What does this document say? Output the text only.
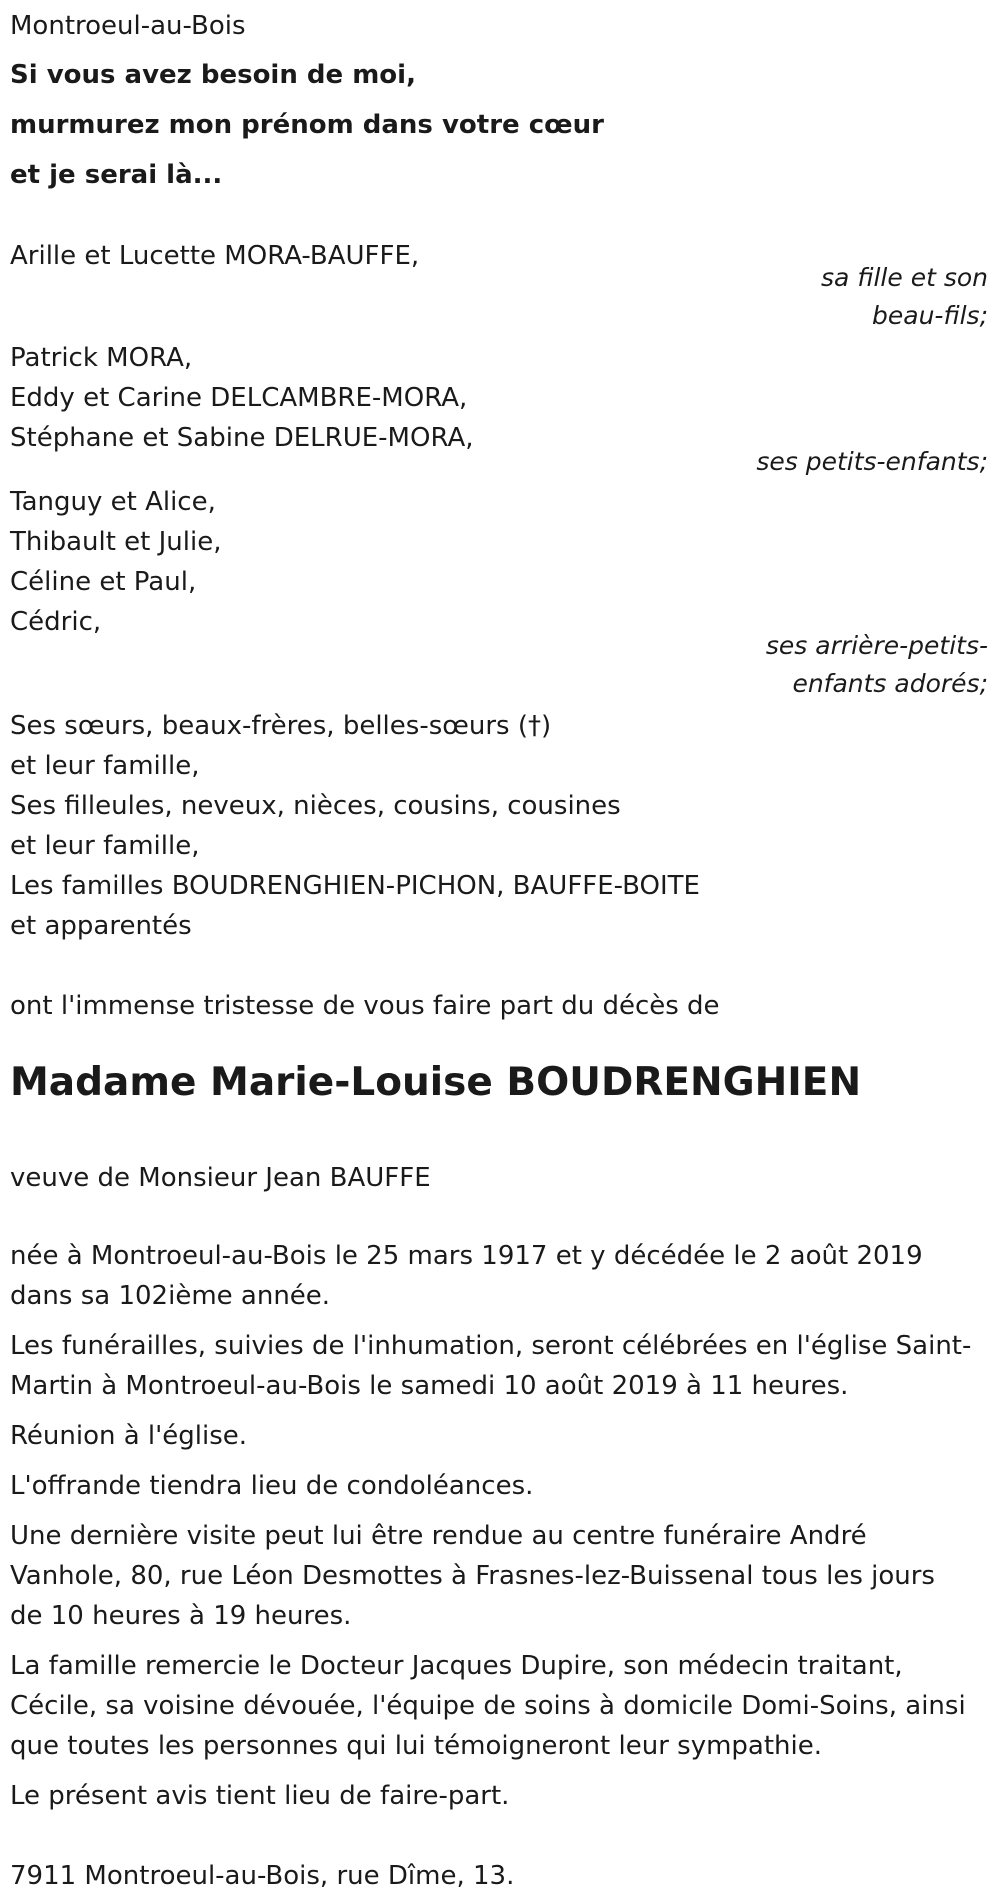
Montroeul-au-Bois
Si vous avez besoin de moi,
murmurez mon prénom dans votre cœur
et je serai là...
Arille et Lucette MORA-BAUFFE,
sa fille et son
beau-fils;
Patrick MORA,
Eddy et Carine DELCAMBRE-MORA,
Stéphane et Sabine DELRUE-MORA,
ses petits-enfants;
Tanguy et Alice,
Thibault et Julie,
Céline et Paul,
Cédric,
ses arrière-petits-
enfants adorés;
Ses sœurs, beaux-frères, belles-sœurs (†)
et leur famille,
Ses filleules, neveux, nièces, cousins, cousines
et leur famille,
Les familles BOUDRENGHIEN-PICHON, BAUFFE-BOITE
et apparentés
ont l'immense tristesse de vous faire part du décès de
Madame Marie-Louise BOUDRENGHIEN
veuve de Monsieur Jean BAUFFE
née à Montroeul-au-Bois le 25 mars 1917 et y décédée le 2 août 2019
dans sa 102ième année.
Les funérailles, suivies de l'inhumation, seront célébrées en l'église Saint-
Martin à Montroeul-au-Bois le samedi 10 août 2019 à 11 heures.
Réunion à l'église.
L'offrande tiendra lieu de condoléances.
Une dernière visite peut lui être rendue au centre funéraire André
Vanhole, 80, rue Léon Desmottes à Frasnes-lez-Buissenal tous les jours
de 10 heures à 19 heures.
La famille remercie le Docteur Jacques Dupire, son médecin traitant,
Cécile, sa voisine dévouée, l'équipe de soins à domicile Domi-Soins, ainsi
que toutes les personnes qui lui témoigneront leur sympathie.
Le présent avis tient lieu de faire-part.
7911 Montroeul-au-Bois, rue Dîme, 13.
